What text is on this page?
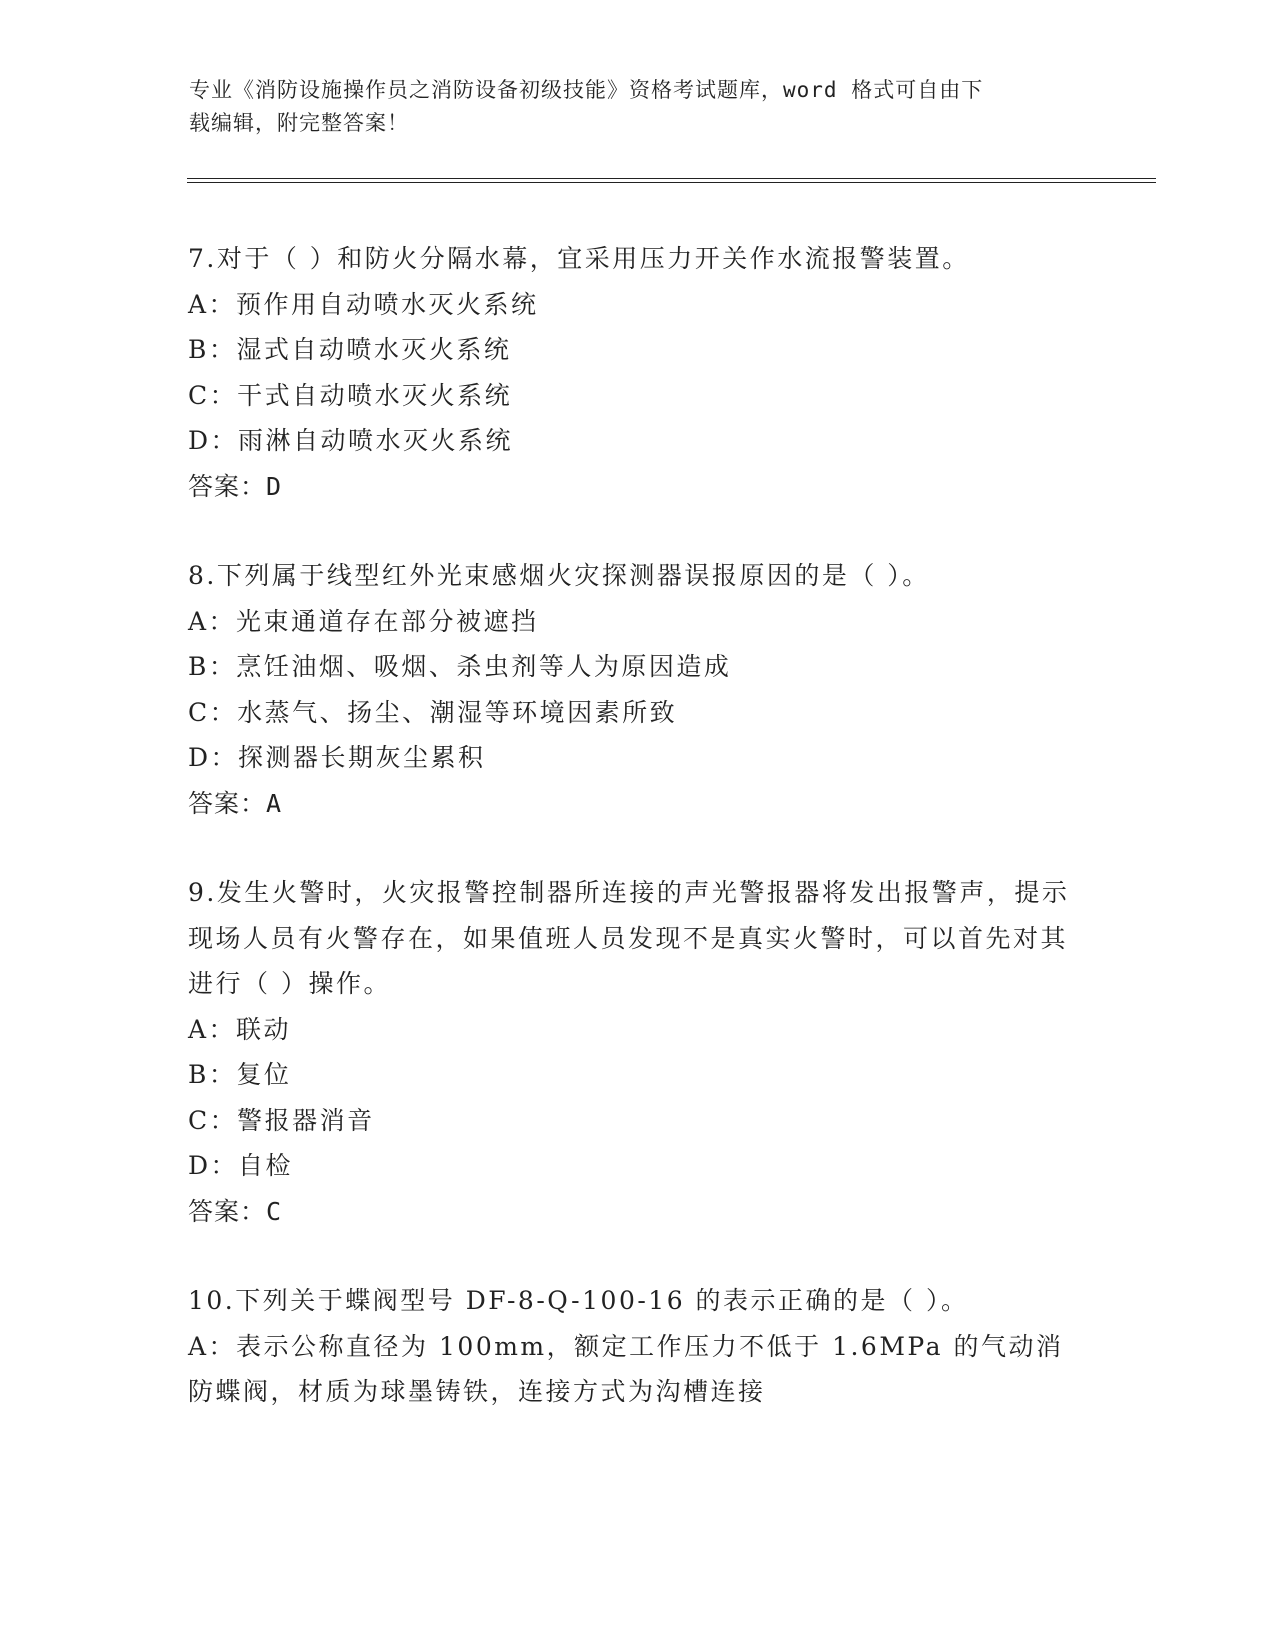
专业《消防设施操作员之消防设备初级技能》资格考试题库，word 格式可自由下
载编辑，附完整答案！
7.对于（ ）和防火分隔水幕，宜采用压力开关作水流报警装置。
A：预作用自动喷水灭火系统
B：湿式自动喷水灭火系统
C：干式自动喷水灭火系统
D：雨淋自动喷水灭火系统
答案：D
8.下列属于线型红外光束感烟火灾探测器误报原因的是（ ）。
A：光束通道存在部分被遮挡
B：烹饪油烟、吸烟、杀虫剂等人为原因造成
C：水蒸气、扬尘、潮湿等环境因素所致
D：探测器长期灰尘累积
答案：A
9.发生火警时，火灾报警控制器所连接的声光警报器将发出报警声，提示现场人员有火警存在，如果值班人员发现不是真实火警时，可以首先对其进行（ ）操作。
A：联动
B：复位
C：警报器消音
D：自检
答案：C
10.下列关于蝶阀型号 DF-8-Q-100-16 的表示正确的是（ ）。
A：表示公称直径为 100mm，额定工作压力不低于 1.6MPa 的气动消防蝶阀，材质为球墨铸铁，连接方式为沟槽连接
